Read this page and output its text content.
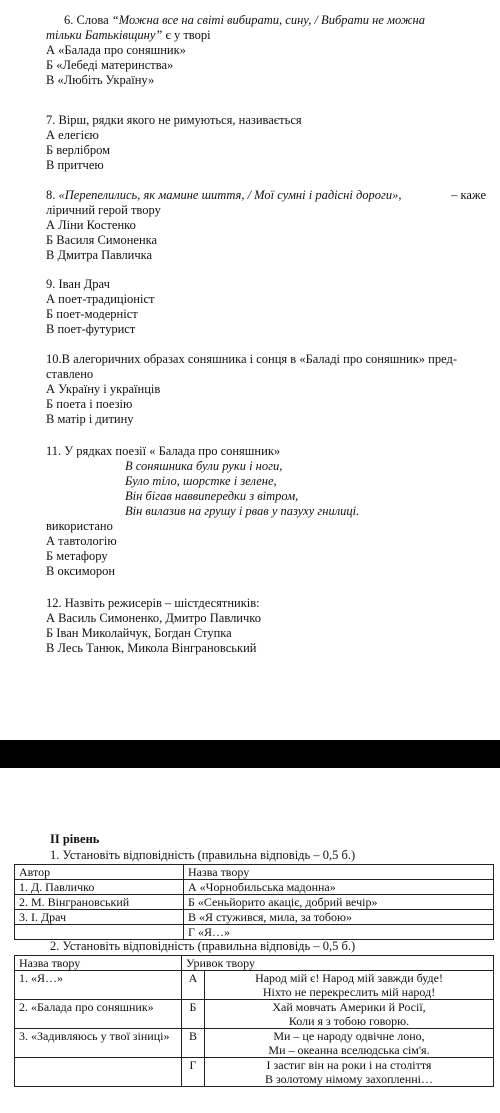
6. Слова “Можна все на світі вибирати, сину, / Вибрати не можна
тільки Батьківщину” є у творі
А «Балада про соняшник»
Б «Лебеді материнства»
В «Любіть Україну»
7. Вірш, рядки якого не римуються, називається
А елегією
Б верлібром
В притчею
8. «Перепелились, як мамине шиття, / Мої сумні і радісні дороги»,	– каже
ліричний герой твору
А Ліни Костенко
Б Василя Симоненка
В Дмитра Павличка
9. Іван Драч
А поет-традиціоніст
Б поет-модерніст
В поет-футурист
10.В алегоричних образах соняшника і сонця в «Баладі про соняшник» пред-
ставлено
А Україну і українців
Б поета і поезію
В матір і дитину
11. У рядках поезії « Балада про соняшник»
В соняшника були руки і ноги,
Було тіло, шорстке і зелене,
Він бігав наввипередки з вітром,
Він вилазив на грушу і рвав у пазуху гнилиці.
використано
А тавтологію
Б метафору
В оксиморон
12. Назвіть режисерів – шістдесятників:
А Василь Симоненко, Дмитро Павличко
Б Іван Миколайчук, Богдан Ступка
В Лесь Танюк, Микола Вінграновський
ІІ рівень
1. Установіть відповідність (правильна відповідь – 0,5 б.)
Автор	Назва твору
1. Д. Павличко	А «Чорнобильська мадонна»
2. М. Вінграновський	Б «Сеньйорито акаціє, добрий вечір»
3. І. Драч	В «Я стужився, мила, за тобою»
	Г «Я…»
2. Установіть відповідність (правильна відповідь – 0,5 б.)
Назва твору	Уривок твору	
1. «Я…»	А	Народ мій є! Народ мій завжди буде!
Ніхто не перекреслить мій народ!

2. «Балада про соняшник»	Б	Хай мовчать Америки й Росії,
Коли я з тобою говорю.

3. «Задивляюсь у твої зіниці»	В	Ми – це народу одвічне лоно,
Ми – океанна вселюдська сім'я.

	Г	І застиг він на роки і на століття
В золотому німому захопленні…
